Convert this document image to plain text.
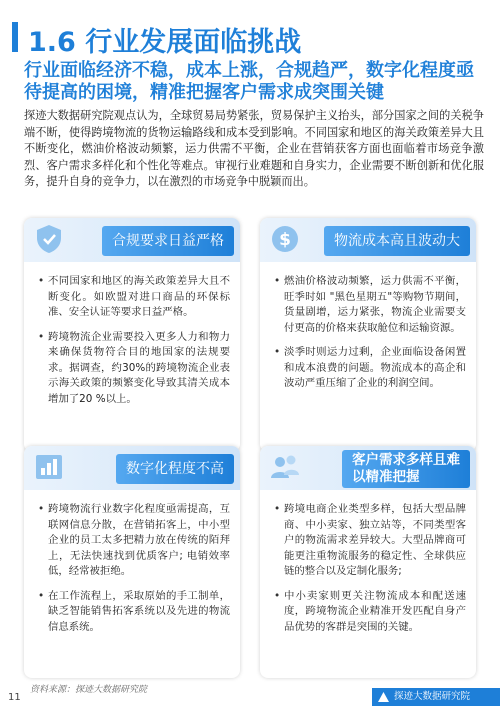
1.6 行业发展面临挑战
行业面临经济不稳，成本上涨，合规趋严，数字化程度亟待提高的困境，精准把握客户需求成突围关键
探迹大数据研究院观点认为，全球贸易局势紧张，贸易保护主义抬头，部分国家之间的关税争端不断，使得跨境物流的货物运输路线和成本受到影响。不同国家和地区的海关政策差异大且不断变化，燃油价格波动频繁，运力供需不平衡，企业在营销获客方面也面临着市场竞争激烈、客户需求多样化和个性化等难点。审视行业难题和自身实力，企业需要不断创新和优化服务，提升自身的竞争力，以在激烈的市场竞争中脱颖而出。
合规要求日益严格
• 不同国家和地区的海关政策差异大且不断变化。如欧盟对进口商品的环保标准、安全认证等要求日益严格。
• 跨境物流企业需要投入更多人力和物力来确保货物符合目的地国家的法规要求。据调查，约30%的跨境物流企业表示海关政策的频繁变化导致其清关成本增加了20 %以上。
$	物流成本高且波动大
• 燃油价格波动频繁，运力供需不平衡，旺季时如 "黑色星期五"等购物节期间，货量剧增，运力紧张，物流企业需要支付更高的价格来获取舱位和运输资源。
• 淡季时则运力过剩，企业面临设备闲置和成本浪费的问题。物流成本的高企和波动严重压缩了企业的利润空间。
数字化程度不高
• 跨境物流行业数字化程度亟需提高，互联网信息分散，在营销拓客上，中小型企业的员工太多把精力放在传统的陌拜上，无法快速找到优质客户; 电销效率低，经常被拒绝。
• 在工作流程上，采取原始的手工制单，缺乏智能销售拓客系统以及先进的物流信息系统。
客户需求多样且难
以精准把握
• 跨境电商企业类型多样，包括大型品牌商、中小卖家、独立站等，不同类型客户的物流需求差异较大。大型品牌商可能更注重物流服务的稳定性、全球供应链的整合以及定制化服务;
• 中小卖家则更关注物流成本和配送速度，跨境物流企业精准开发匹配自身产品优势的客群是突围的关键。
资料来源：探迹大数据研究院
11	探迹大数据研究院
